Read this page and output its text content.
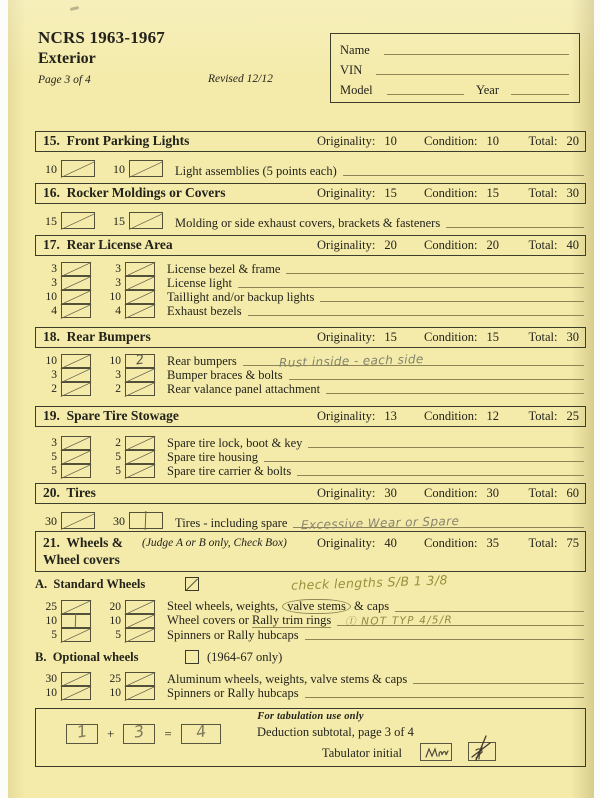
NCRS 1963-1967
Exterior
Page 3 of 4	Revised 12/12
Name
VIN
Model	Year
15.  Front Parking Lights	Originality: 10 Condition: 10 Total: 20
10	10	Light assemblies (5 points each)
16.  Rocker Moldings or Covers	Originality: 15 Condition: 15 Total: 30
15	15	Molding or side exhaust covers, brackets & fasteners
17.  Rear License Area	Originality: 20 Condition: 20 Total: 40
3	3	License bezel & frame
3	3	License light
10	10	Taillight and/or backup lights
4	4	Exhaust bezels
18.  Rear Bumpers	Originality: 15 Condition: 15 Total: 30
10	10	2	Rear bumpers	Rust inside - each side
3	3	Bumper braces & bolts
2	2	Rear valance panel attachment
19.  Spare Tire Stowage	Originality: 13 Condition: 12 Total: 25
3	2	Spare tire lock, boot & key
5	5	Spare tire housing
5	5	Spare tire carrier & bolts
20.  Tires	Originality: 30 Condition: 30 Total: 60
30	30	Tires - including spare Excessive Wear or Spare
21.  Wheels &
Wheel covers
(Judge A or B only, Check Box) Originality: 40 Condition: 35 Total: 75
A.  Standard Wheels	check lengths S/B 1 3/8
25	20	Steel wheels, weights, valve stems & caps
10	10	Wheel covers or Rally trim rings Ⓘ NOT TYP 4/5/R
5	5	Spinners or Rally hubcaps
B.  Optional wheels	(1964-67 only)
30	25	Aluminum wheels, weights, valve stems & caps
10	10	Spinners or Rally hubcaps
For tabulation use only
1	+	3	=	4	Deduction subtotal, page 3 of 4
Tabulator initial
